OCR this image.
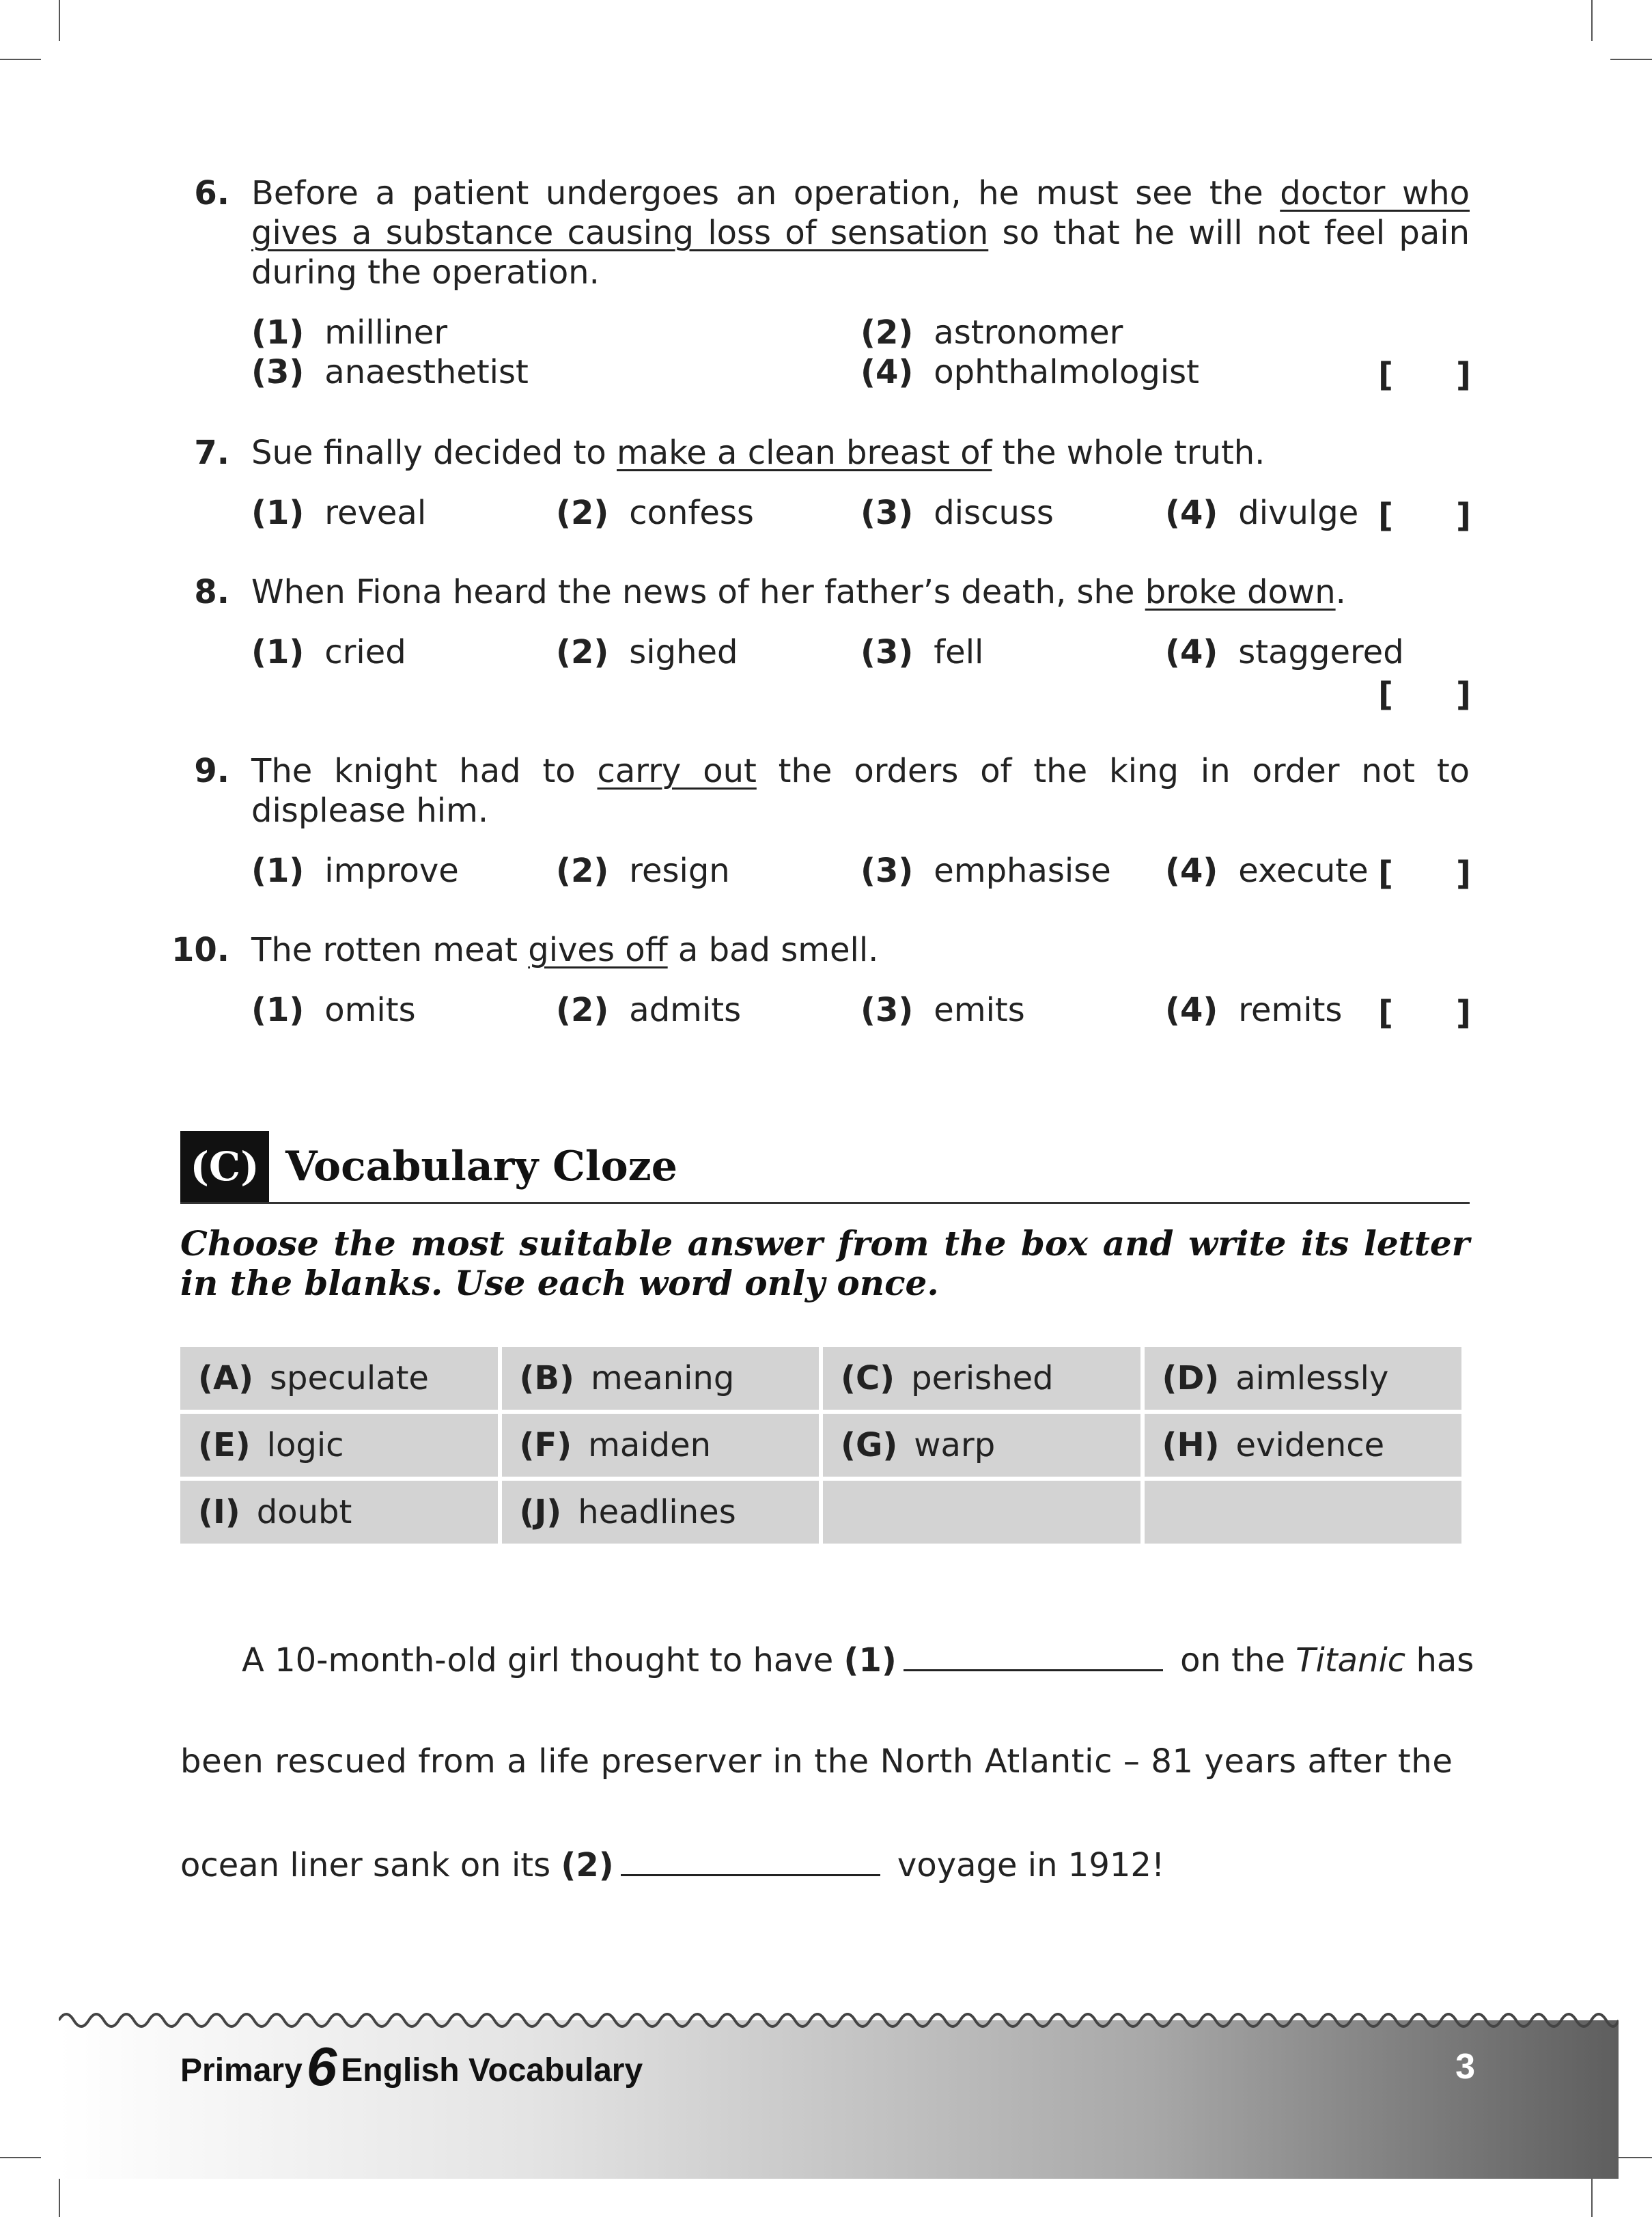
6. Before a patient undergoes an operation, he must see the doctor who gives a substance causing loss of sensation so that he will not feel pain during the operation.
(1) milliner	(2) astronomer
(3) anaesthetist	(4) ophthalmologist	[ ]
7. Sue finally decided to make a clean breast of the whole truth.
(1) reveal	(2) confess	(3) discuss	(4) divulge [ ]
8. When Fiona heard the news of her father’s death, she broke down.
(1) cried	(2) sighed	(3) fell	(4) staggered
[ ]
9. The knight had to carry out the orders of the king in order not to displease him.
(1) improve	(2) resign	(3) emphasise (4) execute [ ]
10. The rotten meat gives off a bad smell.
(1) omits	(2) admits	(3) emits	(4) remits [ ]
(C) Vocabulary Cloze
Choose the most suitable answer from the box and write its letter in the blanks. Use each word only once.
(A) speculate	(B) meaning	(C) perished	(D) aimlessly
(E) logic	(F) maiden	(G) warp	(H) evidence
(I) doubt	(J) headlines		
A 10-month-old girl thought to have (1)	on the Titanic has
been rescued from a life preserver in the North Atlantic – 81 years after the
ocean liner sank on its (2)	voyage in 1912!
Primary6 English Vocabulary	3
